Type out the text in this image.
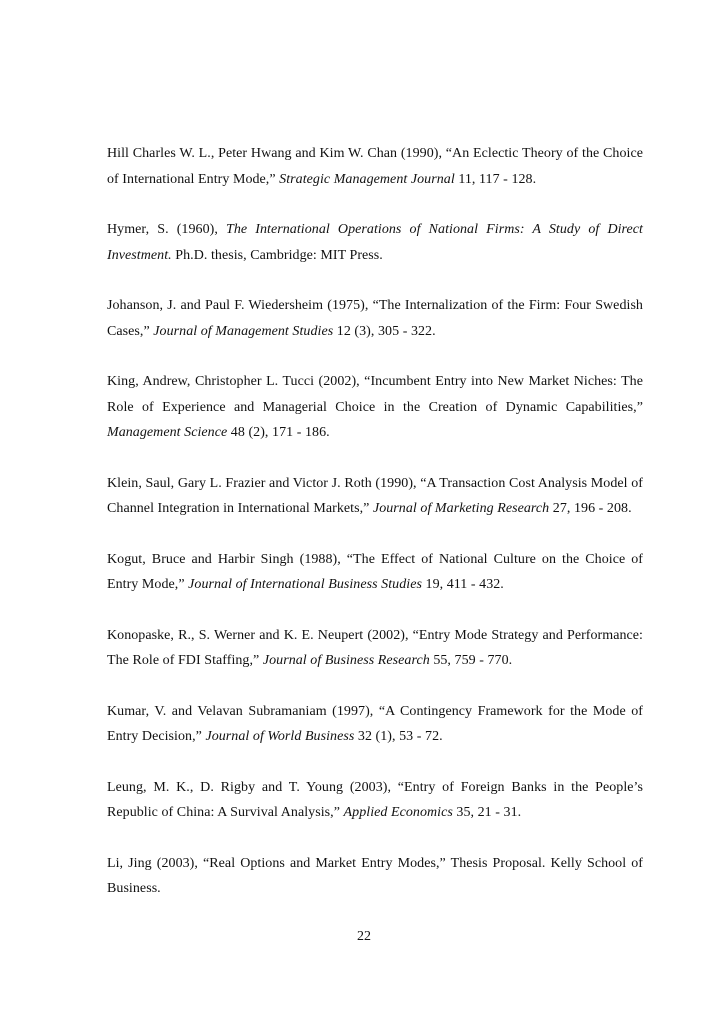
Hill Charles W. L., Peter Hwang and Kim W. Chan (1990), “An Eclectic Theory of the Choice of International Entry Mode,” Strategic Management Journal 11, 117 - 128.

Hymer, S. (1960), The International Operations of National Firms: A Study of Direct Investment. Ph.D. thesis, Cambridge: MIT Press.

Johanson, J. and Paul F. Wiedersheim (1975), “The Internalization of the Firm: Four Swedish Cases,” Journal of Management Studies 12 (3), 305 - 322.

King, Andrew, Christopher L. Tucci (2002), “Incumbent Entry into New Market Niches: The Role of Experience and Managerial Choice in the Creation of Dynamic Capabilities,” Management Science 48 (2), 171 - 186.

Klein, Saul, Gary L. Frazier and Victor J. Roth (1990), “A Transaction Cost Analysis Model of Channel Integration in International Markets,” Journal of Marketing Research 27, 196 - 208.

Kogut, Bruce and Harbir Singh (1988), “The Effect of National Culture on the Choice of Entry Mode,” Journal of International Business Studies 19, 411 - 432.

Konopaske, R., S. Werner and K. E. Neupert (2002), “Entry Mode Strategy and Performance: The Role of FDI Staffing,” Journal of Business Research 55, 759 - 770.

Kumar, V. and Velavan Subramaniam (1997), “A Contingency Framework for the Mode of Entry Decision,” Journal of World Business 32 (1), 53 - 72.

Leung, M. K., D. Rigby and T. Young (2003), “Entry of Foreign Banks in the People’s Republic of China: A Survival Analysis,” Applied Economics 35, 21 - 31.

Li, Jing (2003), “Real Options and Market Entry Modes,” Thesis Proposal. Kelly School of Business.

22
